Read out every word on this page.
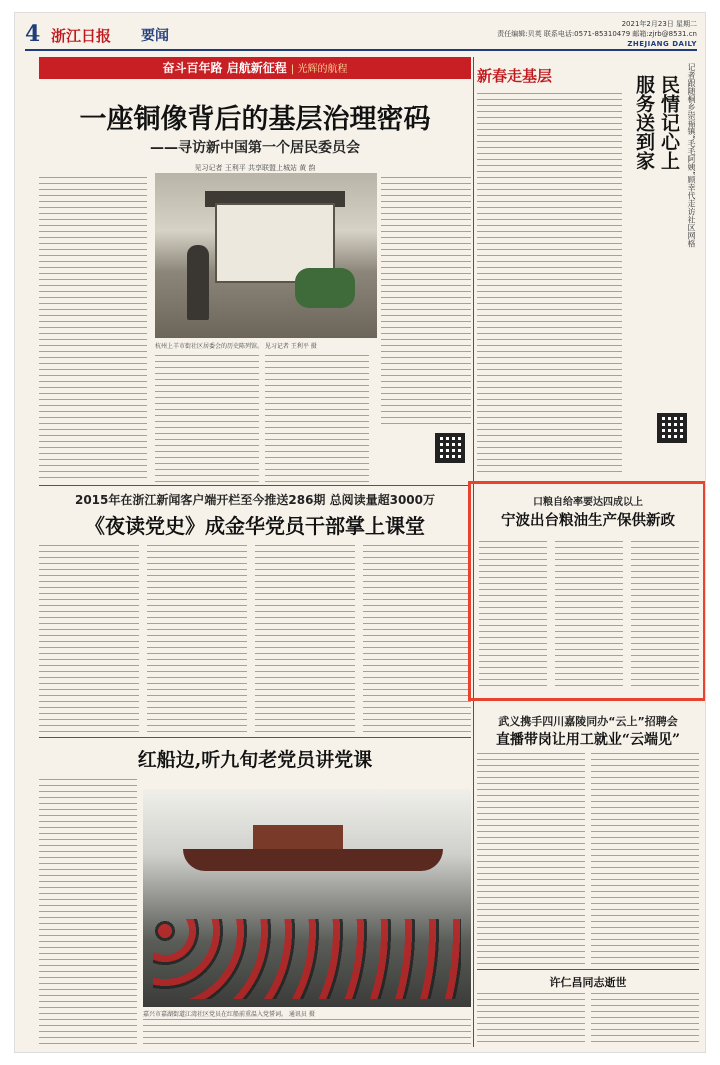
4 浙江日报 要闻
2021年2月23日 星期二
责任编辑:贝英 联系电话:0571-85310479 邮箱:zjrb@8531.cn
ZHEJIANG DAILY
奋斗百年路 启航新征程 | 光辉的航程
一座铜像背后的基层治理密码
——寻访新中国第一个居民委员会
见习记者 王利平 共享联盟上城站 黄 韵
杭州上羊市街社区居委会的历史陈列馆。 见习记者 王利平 摄
2015年在浙江新闻客户端开栏至今推送286期 总阅读量超3000万
《夜读党史》成金华党员干部掌上课堂
红船边,听九旬老党员讲党课
嘉兴市嘉湖街道江湾社区党员在红船前重温入党誓词。 通讯员 摄
新春走基层	记者跟随桐乡崇福镇“毛毛阿姨”顾幸代走访社区网格
民情记心上
服务送到家
口粮自给率要达四成以上
宁波出台粮油生产保供新政
武义携手四川嘉陵同办“云上”招聘会
直播带岗让用工就业“云端见”
许仁昌同志逝世
